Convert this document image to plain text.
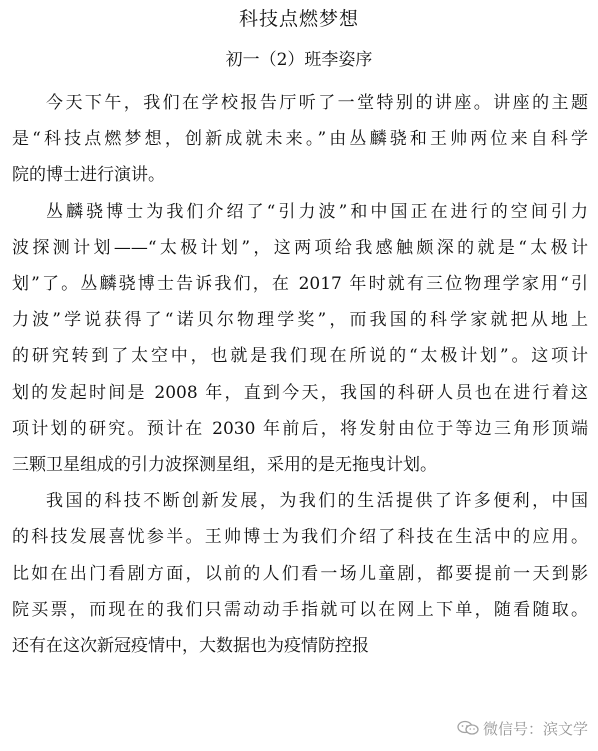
科技点燃梦想
初一（2）班李姿序
今天下午，我们在学校报告厅听了一堂特别的讲座。讲座的主题
是“科技点燃梦想，创新成就未来。”由丛麟骁和王帅两位来自科学
院的博士进行演讲。
丛麟骁博士为我们介绍了“引力波”和中国正在进行的空间引力
波探测计划——“太极计划”，这两项给我感触颇深的就是“太极计
划”了。丛麟骁博士告诉我们，在 2017 年时就有三位物理学家用“引
力波”学说获得了“诺贝尔物理学奖”，而我国的科学家就把从地上
的研究转到了太空中，也就是我们现在所说的“太极计划”。这项计
划的发起时间是 2008 年，直到今天，我国的科研人员也在进行着这
项计划的研究。预计在 2030 年前后，将发射由位于等边三角形顶端
三颗卫星组成的引力波探测星组，采用的是无拖曳计划。
我国的科技不断创新发展，为我们的生活提供了许多便利，中国
的科技发展喜忧参半。王帅博士为我们介绍了科技在生活中的应用。
比如在出门看剧方面，以前的人们看一场儿童剧，都要提前一天到影
院买票，而现在的我们只需动动手指就可以在网上下单，随看随取。
还有在这次新冠疫情中，大数据也为疫情防控报
微信号：滨文学
